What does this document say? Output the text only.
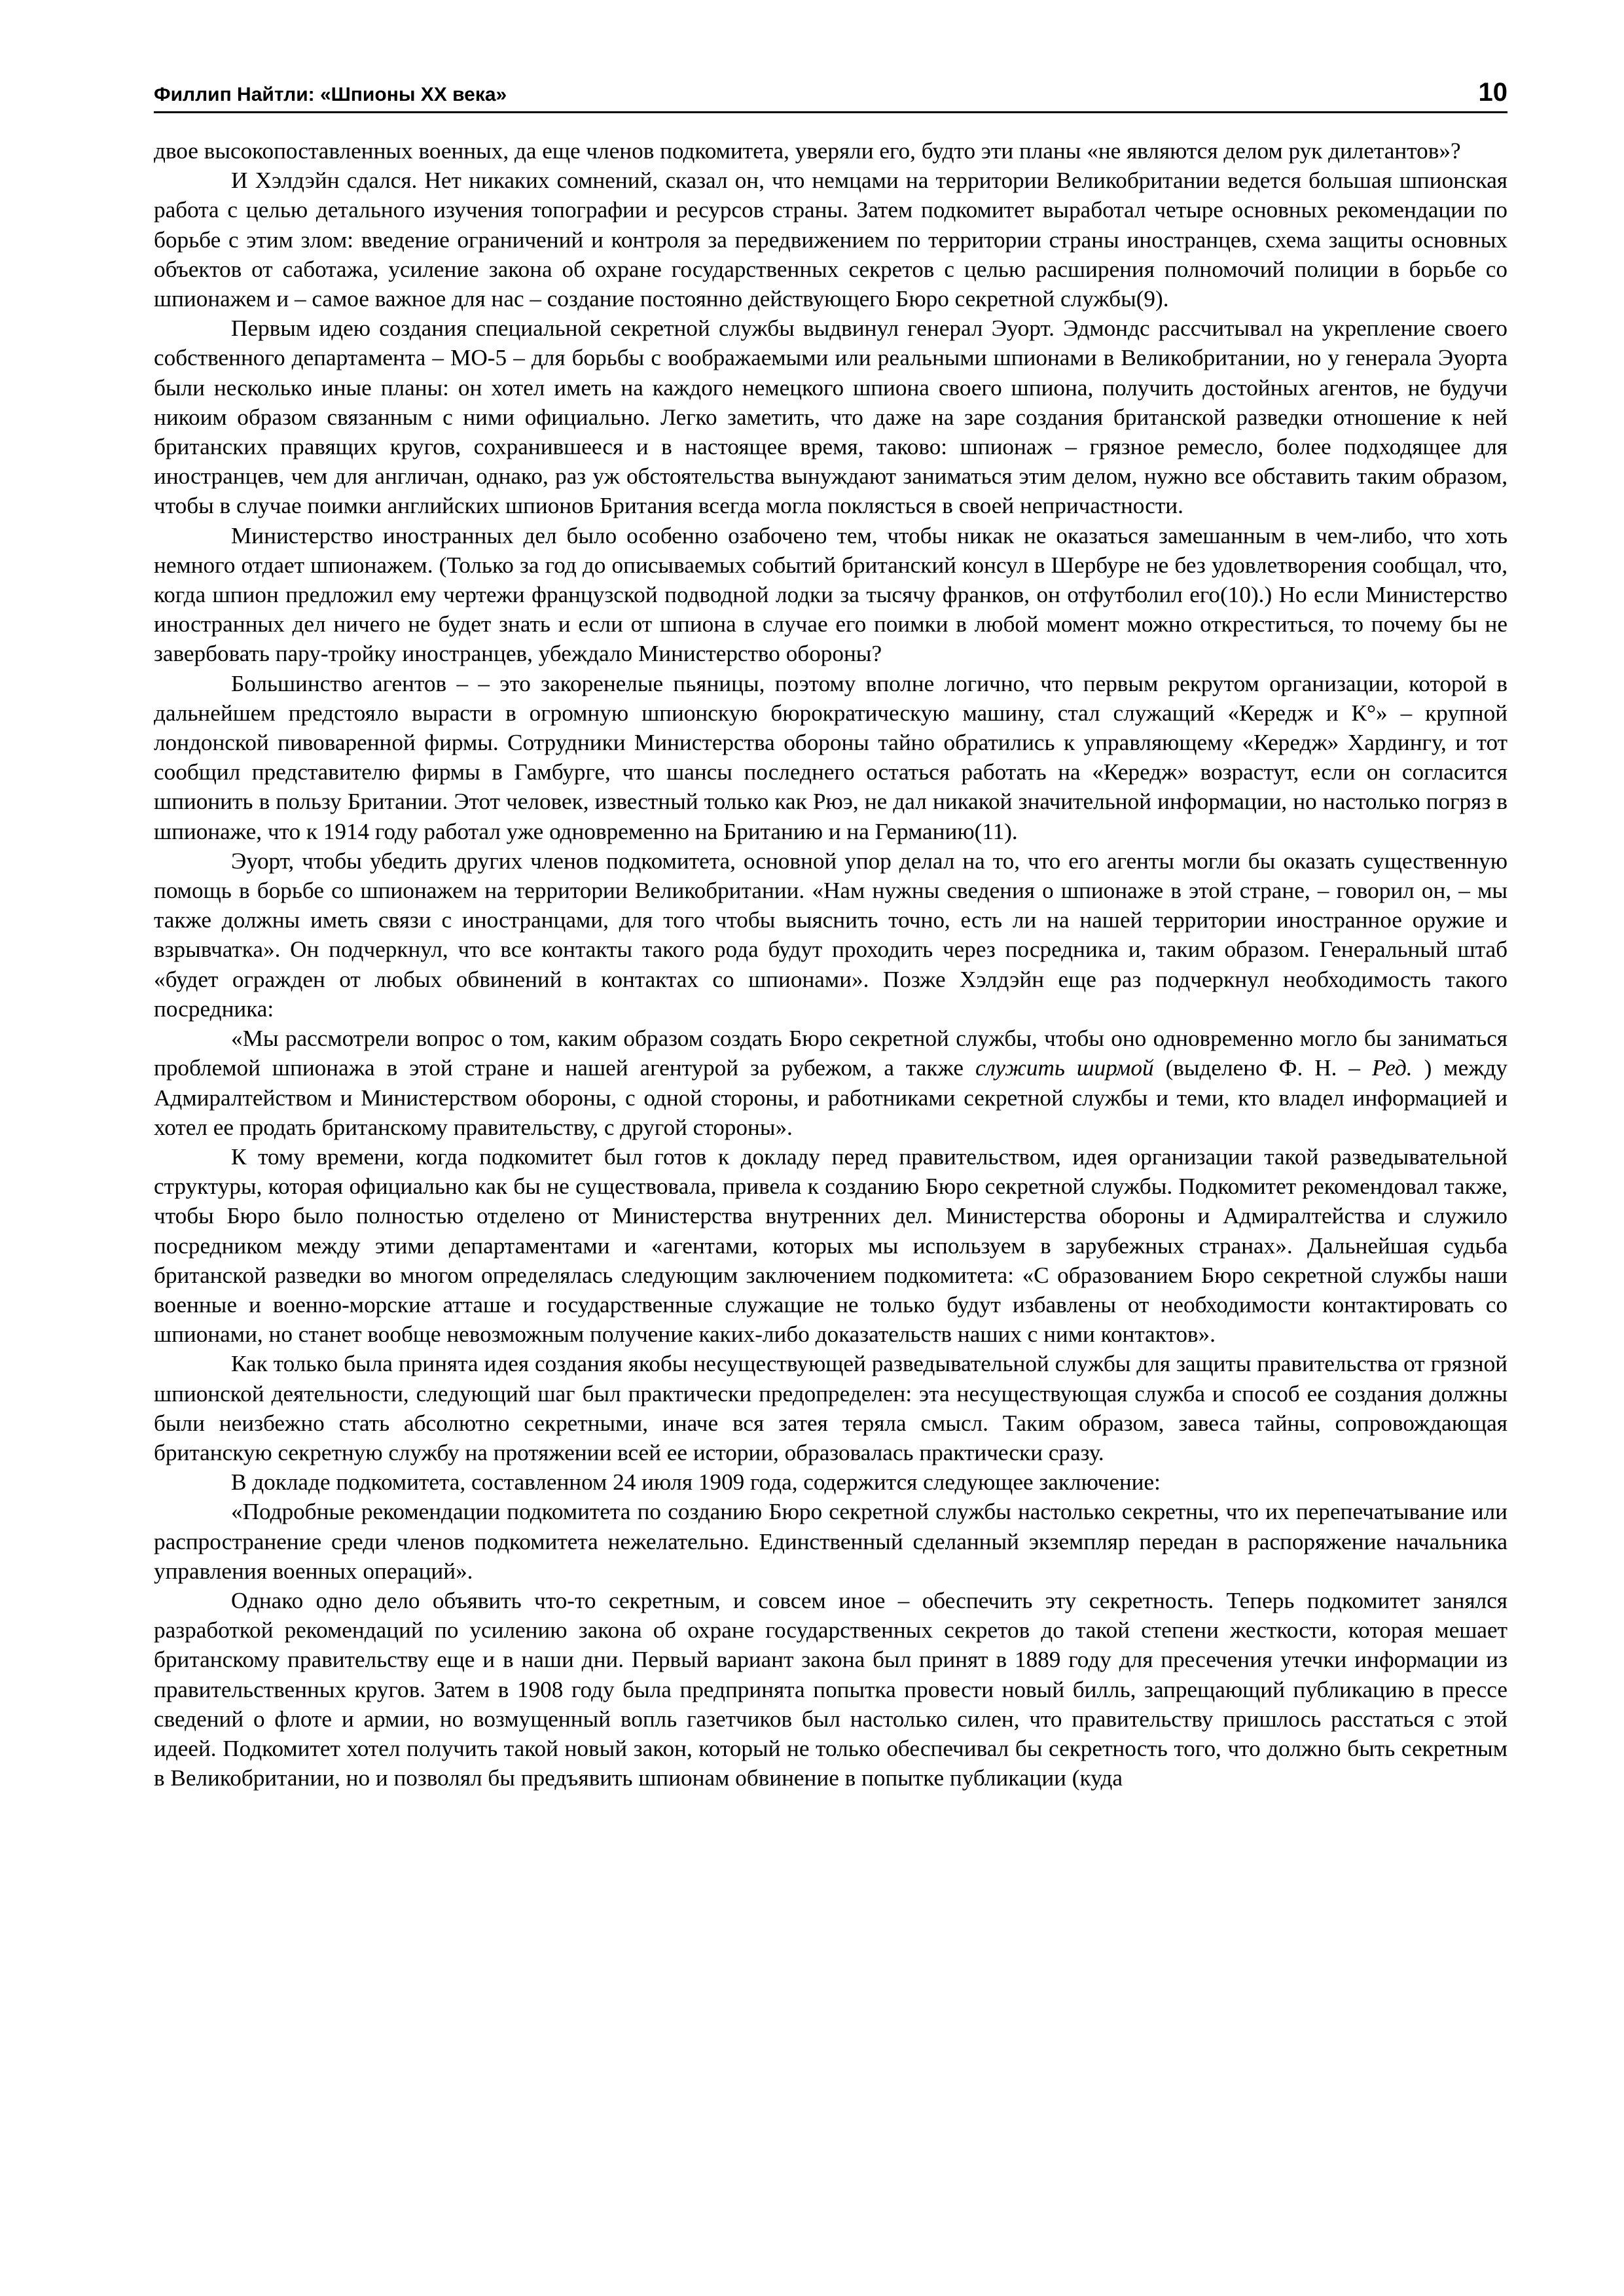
Филлип Найтли: «Шпионы XX века»	10

двое высокопоставленных военных, да еще членов подкомитета, уверяли его, будто эти планы «не являются делом рук дилетантов»?

И Хэлдэйн сдался. Нет никаких сомнений, сказал он, что немцами на территории Великобритании ведется большая шпионская работа с целью детального изучения топографии и ресурсов страны. Затем подкомитет выработал четыре основных рекомендации по борьбе с этим злом: введение ограничений и контроля за передвижением по территории страны иностранцев, схема защиты основных объектов от саботажа, усиление закона об охране государственных секретов с целью расширения полномочий полиции в борьбе со шпионажем и – самое важное для нас – создание постоянно действующего Бюро секретной службы(9).

Первым идею создания специальной секретной службы выдвинул генерал Эуорт. Эдмондс рассчитывал на укрепление своего собственного департамента – МО-5 – для борьбы с воображаемыми или реальными шпионами в Великобритании, но у генерала Эуорта были несколько иные планы: он хотел иметь на каждого немецкого шпиона своего шпиона, получить достойных агентов, не будучи никоим образом связанным с ними официально. Легко заметить, что даже на заре создания британской разведки отношение к ней британских правящих кругов, сохранившееся и в настоящее время, таково: шпионаж – грязное ремесло, более подходящее для иностранцев, чем для англичан, однако, раз уж обстоятельства вынуждают заниматься этим делом, нужно все обставить таким образом, чтобы в случае поимки английских шпионов Британия всегда могла поклясться в своей непричастности.

Министерство иностранных дел было особенно озабочено тем, чтобы никак не оказаться замешанным в чем-либо, что хоть немного отдает шпионажем. (Только за год до описываемых событий британский консул в Шербуре не без удовлетворения сообщал, что, когда шпион предложил ему чертежи французской подводной лодки за тысячу франков, он отфутболил его(10).) Но если Министерство иностранных дел ничего не будет знать и если от шпиона в случае его поимки в любой момент можно откреститься, то почему бы не завербовать пару-тройку иностранцев, убеждало Министерство обороны?

Большинство агентов – – это закоренелые пьяницы, поэтому вполне логично, что первым рекрутом организации, которой в дальнейшем предстояло вырасти в огромную шпионскую бюрократическую машину, стал служащий «Кередж и К°» – крупной лондонской пивоваренной фирмы. Сотрудники Министерства обороны тайно обратились к управляющему «Кередж» Хардингу, и тот сообщил представителю фирмы в Гамбурге, что шансы последнего остаться работать на «Кередж» возрастут, если он согласится шпионить в пользу Британии. Этот человек, известный только как Рюэ, не дал никакой значительной информации, но настолько погряз в шпионаже, что к 1914 году работал уже одновременно на Британию и на Германию(11).

Эуорт, чтобы убедить других членов подкомитета, основной упор делал на то, что его агенты могли бы оказать существенную помощь в борьбе со шпионажем на территории Великобритании. «Нам нужны сведения о шпионаже в этой стране, – говорил он, – мы также должны иметь связи с иностранцами, для того чтобы выяснить точно, есть ли на нашей территории иностранное оружие и взрывчатка». Он подчеркнул, что все контакты такого рода будут проходить через посредника и, таким образом. Генеральный штаб «будет огражден от любых обвинений в контактах со шпионами». Позже Хэлдэйн еще раз подчеркнул необходимость такого посредника:

«Мы рассмотрели вопрос о том, каким образом создать Бюро секретной службы, чтобы оно одновременно могло бы заниматься проблемой шпионажа в этой стране и нашей агентурой за рубежом, а также служить ширмой (выделено Ф. Н. – Ред. ) между Адмиралтейством и Министерством обороны, с одной стороны, и работниками секретной службы и теми, кто владел информацией и хотел ее продать британскому правительству, с другой стороны».

К тому времени, когда подкомитет был готов к докладу перед правительством, идея организации такой разведывательной структуры, которая официально как бы не существовала, привела к созданию Бюро секретной службы. Подкомитет рекомендовал также, чтобы Бюро было полностью отделено от Министерства внутренних дел. Министерства обороны и Адмиралтейства и служило посредником между этими департаментами и «агентами, которых мы используем в зарубежных странах». Дальнейшая судьба британской разведки во многом определялась следующим заключением подкомитета: «С образованием Бюро секретной службы наши военные и военно-морские атташе и государственные служащие не только будут избавлены от необходимости контактировать со шпионами, но станет вообще невозможным получение каких-либо доказательств наших с ними контактов».

Как только была принята идея создания якобы несуществующей разведывательной службы для защиты правительства от грязной шпионской деятельности, следующий шаг был практически предопределен: эта несуществующая служба и способ ее создания должны были неизбежно стать абсолютно секретными, иначе вся затея теряла смысл. Таким образом, завеса тайны, сопровождающая британскую секретную службу на протяжении всей ее истории, образовалась практически сразу.

В докладе подкомитета, составленном 24 июля 1909 года, содержится следующее заключение:

«Подробные рекомендации подкомитета по созданию Бюро секретной службы настолько секретны, что их перепечатывание или распространение среди членов подкомитета нежелательно. Единственный сделанный экземпляр передан в распоряжение начальника управления военных операций».

Однако одно дело объявить что-то секретным, и совсем иное – обеспечить эту секретность. Теперь подкомитет занялся разработкой рекомендаций по усилению закона об охране государственных секретов до такой степени жесткости, которая мешает британскому правительству еще и в наши дни. Первый вариант закона был принят в 1889 году для пресечения утечки информации из правительственных кругов. Затем в 1908 году была предпринята попытка провести новый билль, запрещающий публикацию в прессе сведений о флоте и армии, но возмущенный вопль газетчиков был настолько силен, что правительству пришлось расстаться с этой идеей. Подкомитет хотел получить такой новый закон, который не только обеспечивал бы секретность того, что должно быть секретным в Великобритании, но и позволял бы предъявить шпионам обвинение в попытке публикации (куда
